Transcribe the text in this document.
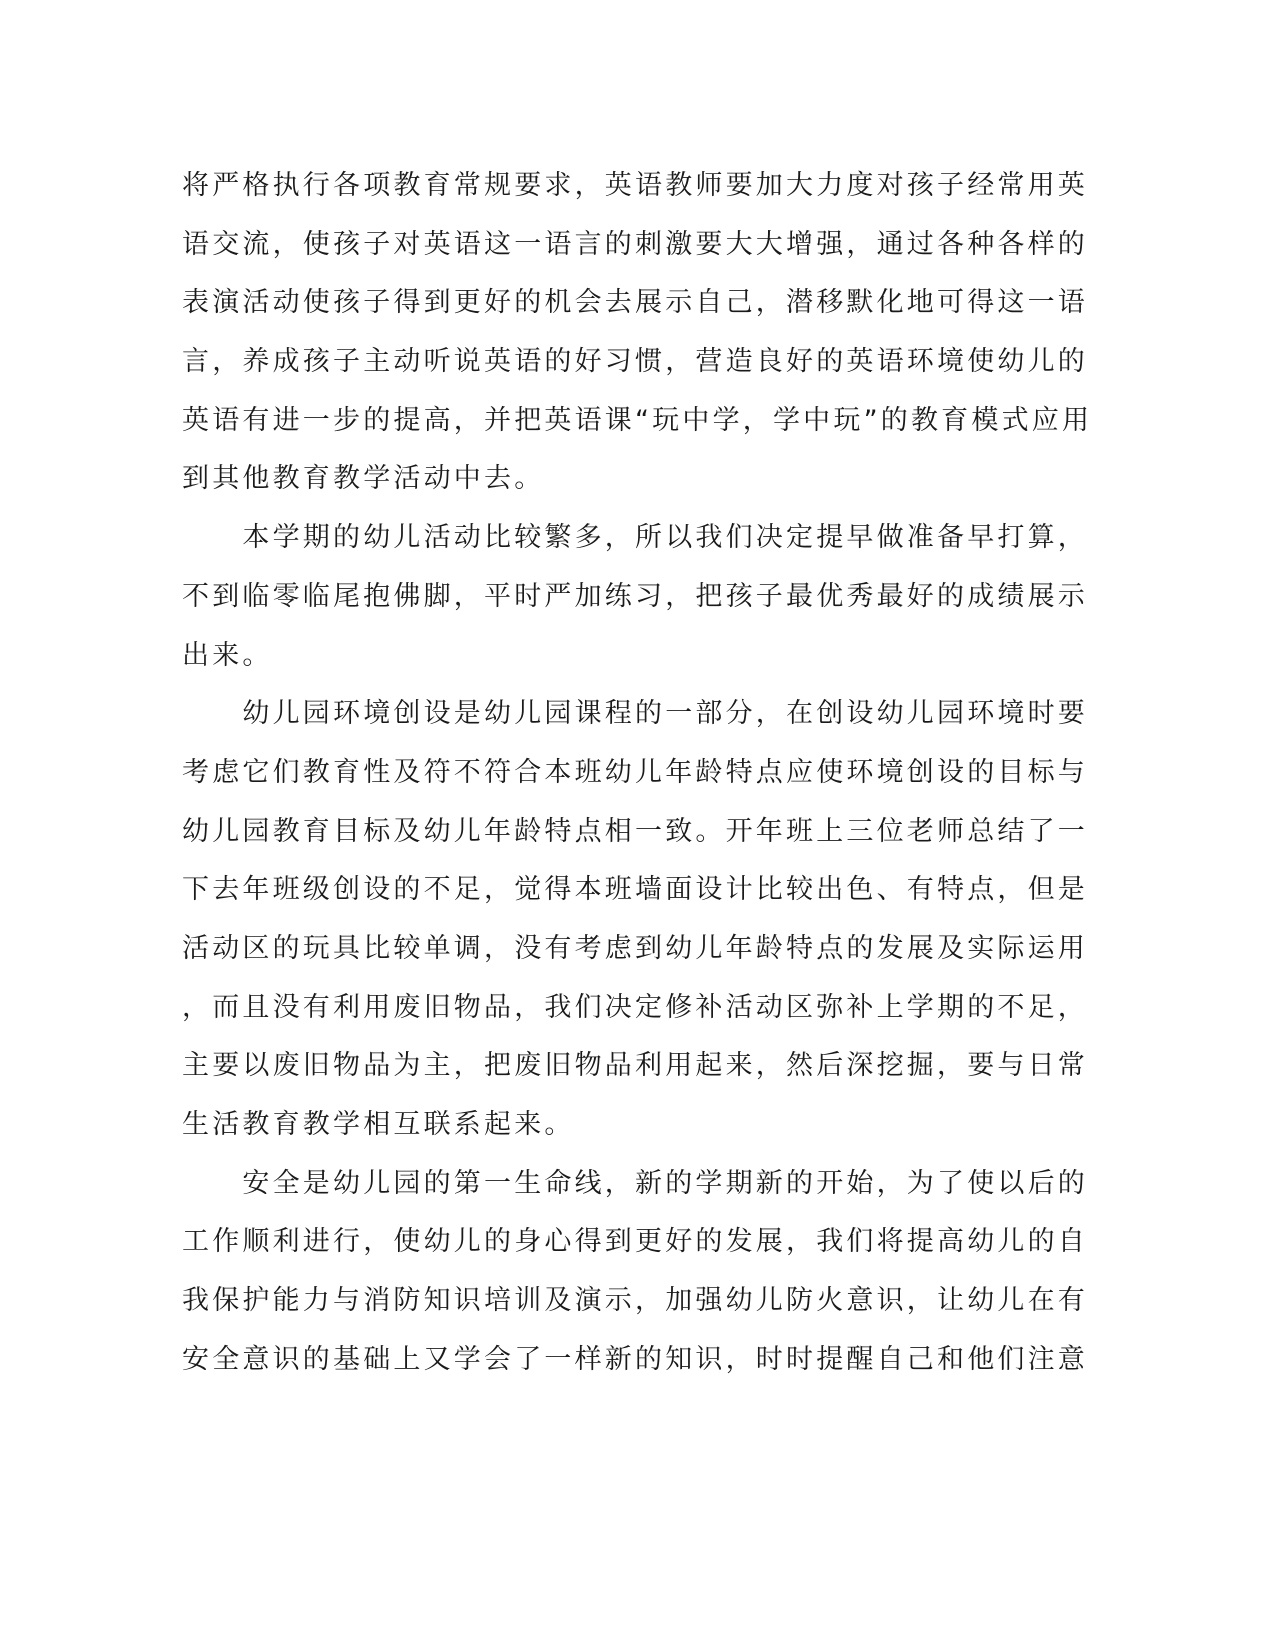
将严格执行各项教育常规要求，英语教师要加大力度对孩子经常用英
语交流，使孩子对英语这一语言的刺激要大大增强，通过各种各样的
表演活动使孩子得到更好的机会去展示自己，潜移默化地可得这一语
言，养成孩子主动听说英语的好习惯，营造良好的英语环境使幼儿的
英语有进一步的提高，并把英语课“玩中学，学中玩”的教育模式应用
到其他教育教学活动中去。
　　本学期的幼儿活动比较繁多，所以我们决定提早做准备早打算，
不到临零临尾抱佛脚，平时严加练习，把孩子最优秀最好的成绩展示
出来。
　　幼儿园环境创设是幼儿园课程的一部分，在创设幼儿园环境时要
考虑它们教育性及符不符合本班幼儿年龄特点应使环境创设的目标与
幼儿园教育目标及幼儿年龄特点相一致。开年班上三位老师总结了一
下去年班级创设的不足，觉得本班墙面设计比较出色、有特点，但是
活动区的玩具比较单调，没有考虑到幼儿年龄特点的发展及实际运用
，而且没有利用废旧物品，我们决定修补活动区弥补上学期的不足，
主要以废旧物品为主，把废旧物品利用起来，然后深挖掘，要与日常
生活教育教学相互联系起来。
　　安全是幼儿园的第一生命线，新的学期新的开始，为了使以后的
工作顺利进行，使幼儿的身心得到更好的发展，我们将提高幼儿的自
我保护能力与消防知识培训及演示，加强幼儿防火意识，让幼儿在有
安全意识的基础上又学会了一样新的知识，时时提醒自己和他们注意
